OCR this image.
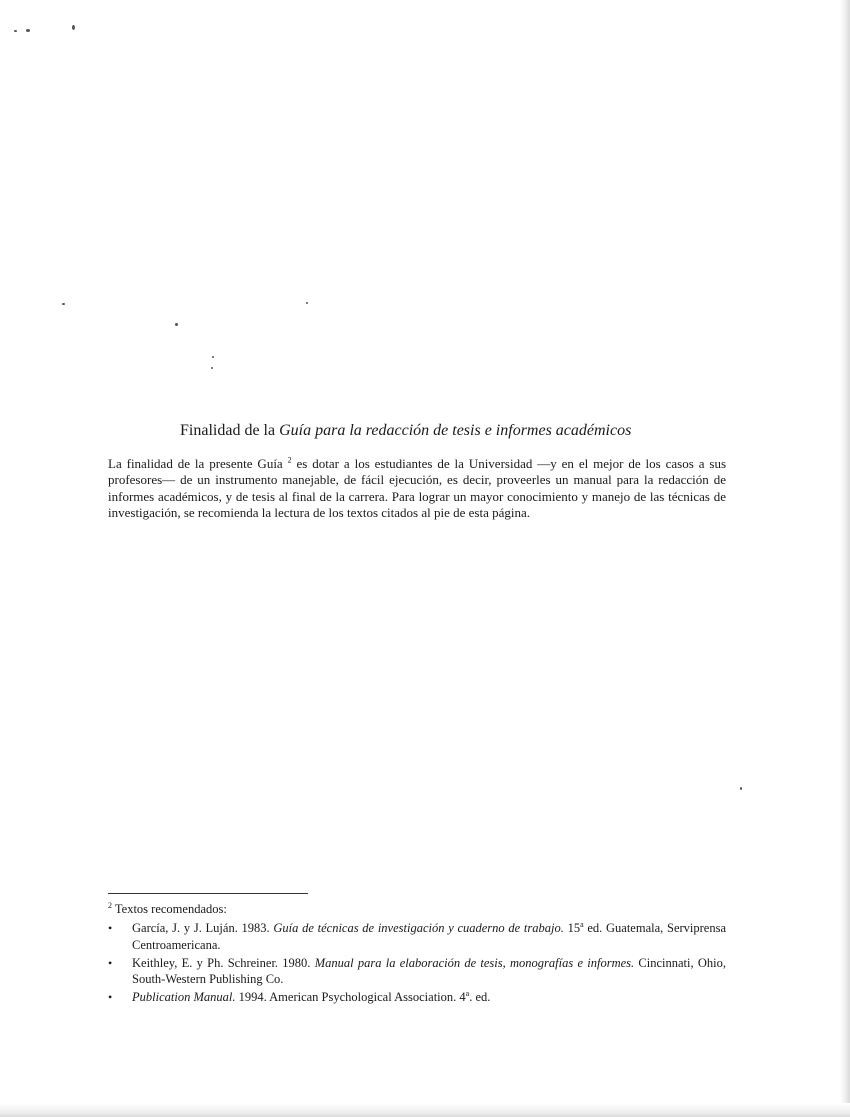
Finalidad de la Guía para la redacción de tesis e informes académicos

La finalidad de la presente Guía $^2$ es dotar a los estudiantes de la Universidad —y en el mejor de los casos a sus profesores— de un instrumento manejable, de fácil ejecución, es decir, proveerles un manual para la redacción de informes académicos, y de tesis al final de la carrera. Para lograr un mayor conocimiento y manejo de las técnicas de investigación, se recomienda la lectura de los textos citados al pie de esta página.

$^2$ Textos recomendados:

•	García, J. y J. Luján. 1983. Guía de técnicas de investigación y cuaderno de trabajo. 15$^a$ ed. Guatemala, Serviprensa Centroamericana.
•	Keithley, E. y Ph. Schreiner. 1980. Manual para la elaboración de tesis, monografías e informes. Cincinnati, Ohio, South-Western Publishing Co.
•	Publication Manual. 1994. American Psychological Association. 4$^a$. ed.
